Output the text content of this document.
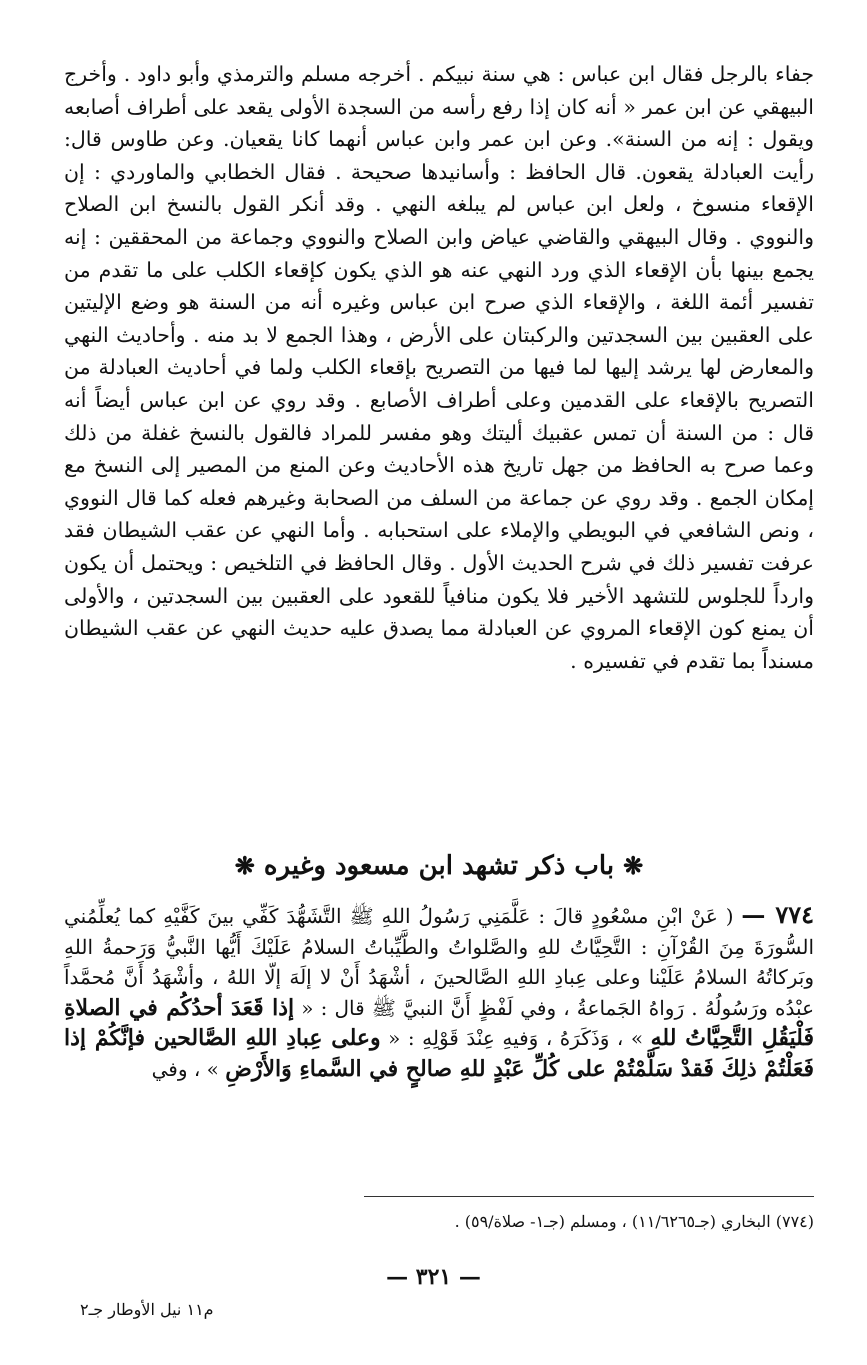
جفاء بالرجل فقال ابن عباس : هي سنة نبيكم . أخرجه مسلم والترمذي وأبو داود . وأخرج البيهقي عن ابن عمر « أنه كان إذا رفع رأسه من السجدة الأولى يقعد على أطراف أصابعه ويقول : إنه من السنة». وعن ابن عمر وابن عباس أنهما كانا يقعيان. وعن طاوس قال: رأيت العبادلة يقعون. قال الحافظ : وأسانيدها صحيحة . فقال الخطابي والماوردي : إن الإقعاء منسوخ ، ولعل ابن عباس لم يبلغه النهي . وقد أنكر القول بالنسخ ابن الصلاح والنووي . وقال البيهقي والقاضي عياض وابن الصلاح والنووي وجماعة من المحققين : إنه يجمع بينها بأن الإقعاء الذي ورد النهي عنه هو الذي يكون كإقعاء الكلب على ما تقدم من تفسير أئمة اللغة ، والإقعاء الذي صرح ابن عباس وغيره أنه من السنة هو وضع الإليتين على العقبين بين السجدتين والركبتان على الأرض ، وهذا الجمع لا بد منه . وأحاديث النهي والمعارض لها يرشد إليها لما فيها من التصريح بإقعاء الكلب ولما في أحاديث العبادلة من التصريح بالإقعاء على القدمين وعلى أطراف الأصابع . وقد روي عن ابن عباس أيضاً أنه قال : من السنة أن تمس عقبيك أليتك وهو مفسر للمراد فالقول بالنسخ غفلة من ذلك وعما صرح به الحافظ من جهل تاريخ هذه الأحاديث وعن المنع من المصير إلى النسخ مع إمكان الجمع . وقد روي عن جماعة من السلف من الصحابة وغيرهم فعله كما قال النووي ، ونص الشافعي في البويطي والإملاء على استحبابه . وأما النهي عن عقب الشيطان فقد عرفت تفسير ذلك في شرح الحديث الأول . وقال الحافظ في التلخيص : ويحتمل أن يكون وارداً للجلوس للتشهد الأخير فلا يكون منافياً للقعود على العقبين بين السجدتين ، والأولى أن يمنع كون الإقعاء المروي عن العبادلة مما يصدق عليه حديث النهي عن عقب الشيطان مسنداً بما تقدم في تفسيره .

❋ باب ذكر تشهد ابن مسعود وغيره ❋

٧٧٤ — ( عَنْ ابْنِ مسْعُودٍ قالَ : عَلَّمَنِي رَسُولُ اللهِ ﷺ التَّشَهُّدَ كَفِّي بينَ كَفَّيْهِ كما يُعلِّمُني السُّورَةَ مِنَ القُرْآنِ : التَّحِيَّاتُ للهِ والصَّلواتُ والطَّيِّباتُ السلامُ عَلَيْكَ أَيُّها النَّبيُّ وَرَحمةُ اللهِ وبَركاتُهُ السلامُ عَلَيْنا وعلى عِبادِ اللهِ الصَّالحينَ ، أشْهَدُ أَنْ لا إلَهَ إلّا اللهُ ، وأشْهَدُ أَنَّ مُحمَّداً عبْدُه ورَسُولُهُ . رَواهُ الجَماعةُ ، وفي لَفْظٍ أَنَّ النبيَّ ﷺ قال : « إذا قَعَدَ أحدُكُم في الصلاةِ فَلْيَقُلِ التَّحِيَّاتُ للهِ » ، وَذَكَرَهُ ، وَفيهِ عِنْدَ قَوْلِهِ : « وعلى عِبادِ اللهِ الصَّالحين فإنَّكُمْ إذا فَعَلْتُمْ ذلِكَ فَقدْ سَلَّمْتُمْ على كُلِّ عَبْدٍ للهِ صالحٍ في السَّماءِ وَالأَرْضِ » ، وفي

(٧٧٤) البخاري (جـ١١/٦٢٦٥) ، ومسلم (جـ١- صلاة/٥٩) .
— ٣٢١ —
م١١ نيل الأوطار جـ٢
